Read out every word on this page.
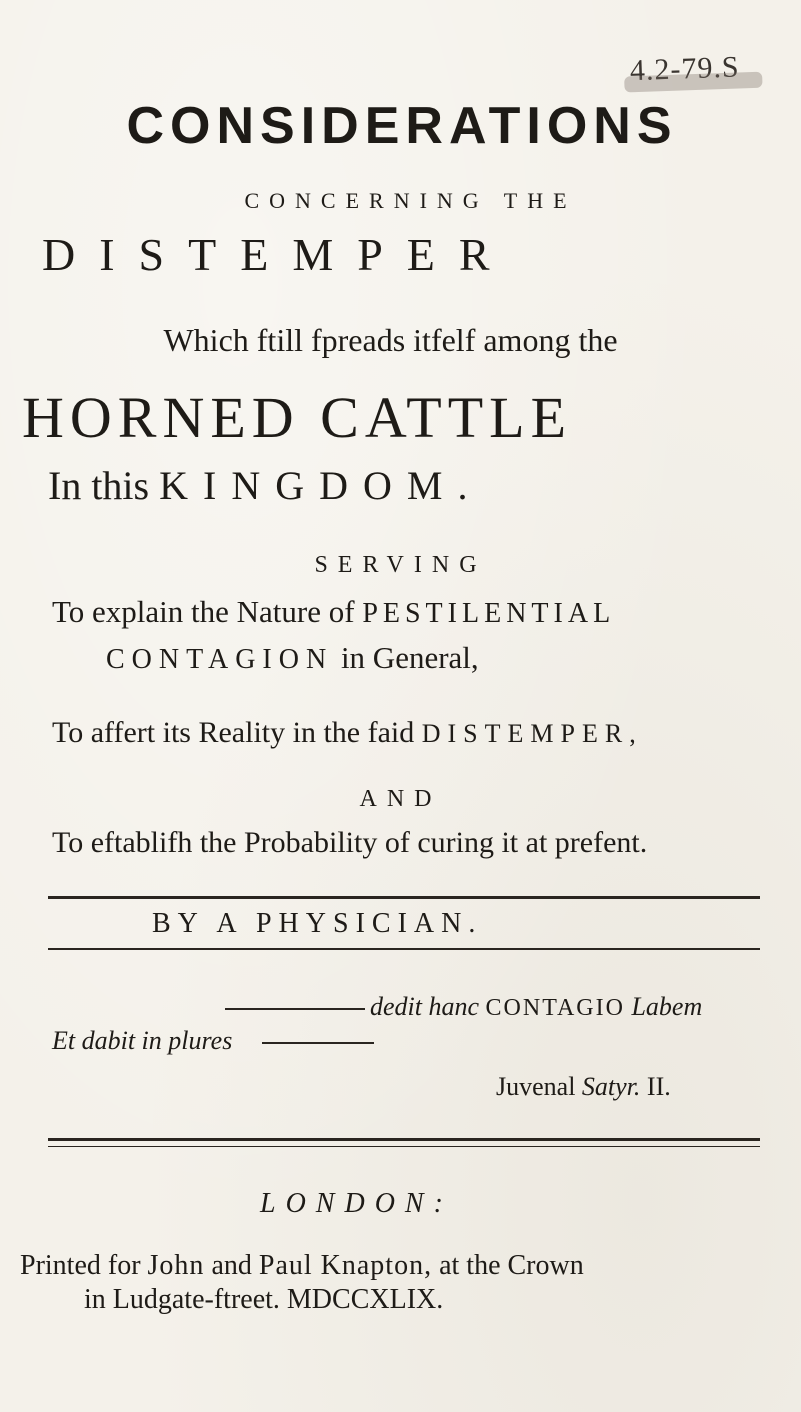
4.2-79.S
CONSIDERATIONS
CONCERNING THE
DISTEMPER
Which ftill fpreads itfelf among the
HORNED CATTLE
In this KINGDOM.
SERVING
To explain the Nature of PESTILENTIAL
CONTAGION in General,
To affert its Reality in the faid DISTEMPER,
AND
To eftablifh the Probability of curing it at prefent.
BY A PHYSICIAN.
dedit hanc CONTAGIO Labem
Et dabit in plures
Juvenal Satyr. II.
LONDON:
Printed for John and Paul Knapton, at the Crown
in Ludgate-ftreet. MDCCXLIX.
